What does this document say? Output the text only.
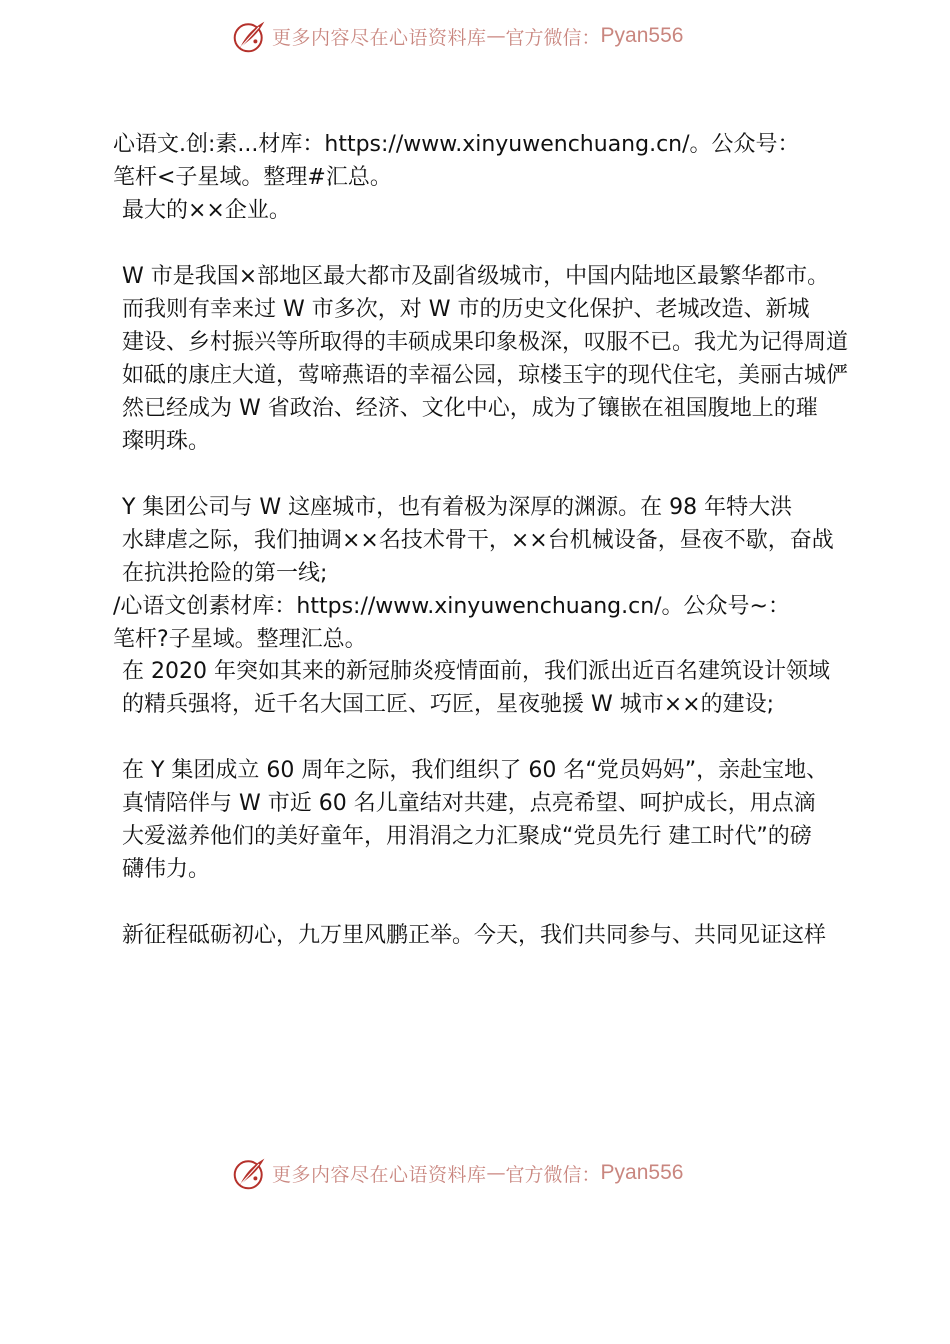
更多内容尽在心语资料库 — 官方微信： Pyan556
心语文.创:素...材库：https://www.xinyuwenchuang.cn/。公众号：
笔杆<子星域。整理#汇总。
最大的××企业。
W 市是我国×部地区最大都市及副省级城市，中国内陆地区最繁华都市。
而我则有幸来过 W 市多次，对 W 市的历史文化保护、老城改造、新城
建设、乡村振兴等所取得的丰硕成果印象极深，叹服不已。我尤为记得周道
如砥的康庄大道，莺啼燕语的幸福公园，琼楼玉宇的现代住宅，美丽古城俨
然已经成为 W 省政治、经济、文化中心，成为了镶嵌在祖国腹地上的璀
璨明珠。
Y 集团公司与 W 这座城市，也有着极为深厚的渊源。在 98 年特大洪
水肆虐之际，我们抽调××名技术骨干，××台机械设备，昼夜不歇，奋战
在抗洪抢险的第一线;
/心语文创素材库：https://www.xinyuwenchuang.cn/。公众号~：
笔杆?子星域。整理汇总。
在 2020 年突如其来的新冠肺炎疫情面前，我们派出近百名建筑设计领域
的精兵强将，近千名大国工匠、巧匠，星夜驰援 W 城市××的建设;
在 Y 集团成立 60 周年之际，我们组织了 60 名“党员妈妈”，亲赴宝地、
真情陪伴与 W 市近 60 名儿童结对共建，点亮希望、呵护成长，用点滴
大爱滋养他们的美好童年，用涓涓之力汇聚成“党员先行 建工时代”的磅
礴伟力。
新征程砥砺初心，九万里风鹏正举。今天，我们共同参与、共同见证这样
更多内容尽在心语资料库 — 官方微信： Pyan556
